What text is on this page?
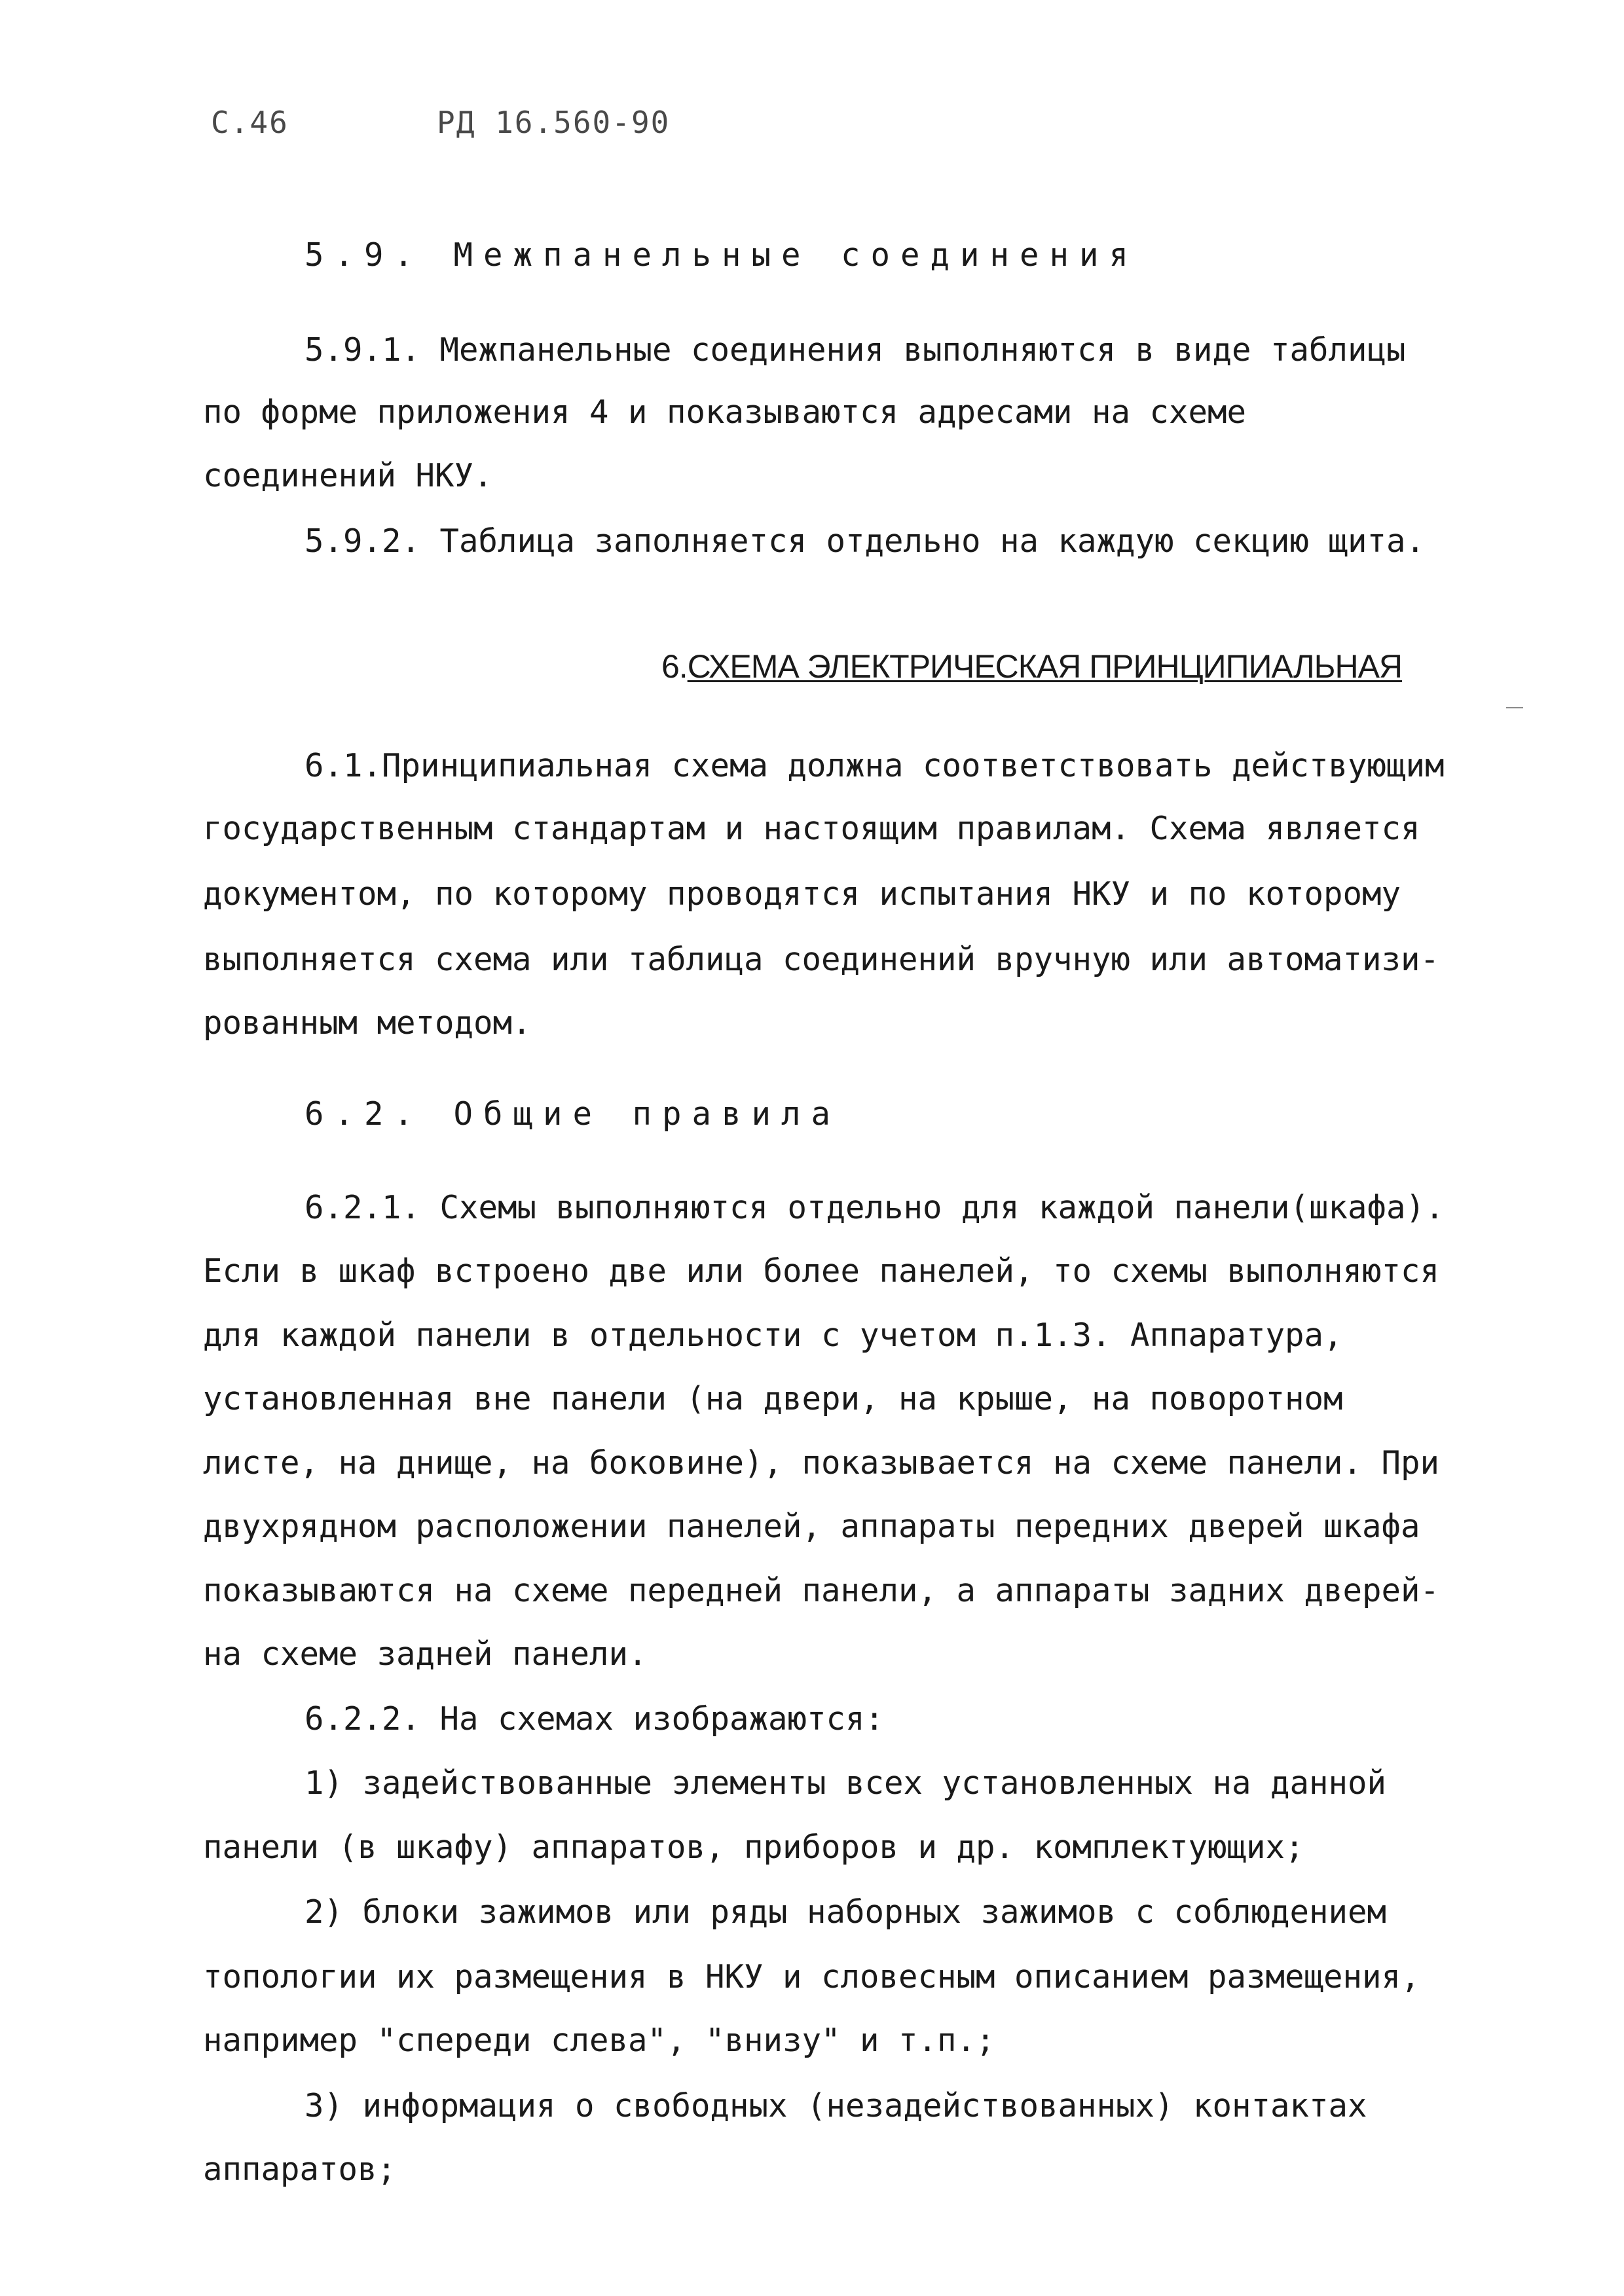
С.46	РД 16.560-90
5.9. Межпанельные соединения
5.9.1. Межпанельные соединения выполняются в виде таблицы
по форме приложения 4 и показываются адресами на схеме
соединений НКУ.
5.9.2. Таблица заполняется отдельно на каждую секцию щита.
6.СХЕМА ЭЛЕКТРИЧЕСКАЯ ПРИНЦИПИАЛЬНАЯ
6.1.Принципиальная схема должна соответствовать действующим
государственным стандартам и настоящим правилам. Схема является
документом, по которому проводятся испытания НКУ и по которому
выполняется схема или таблица соединений вручную или автоматизи-
рованным методом.
6.2. Общие правила
6.2.1. Схемы выполняются отдельно для каждой панели(шкафа).
Если в шкаф встроено две или более панелей, то схемы выполняются
для каждой панели в отдельности с учетом п.1.3. Аппаратура,
установленная вне панели (на двери, на крыше, на поворотном
листе, на днище, на боковине), показывается на схеме панели. При
двухрядном расположении панелей, аппараты передних дверей шкафа
показываются на схеме передней панели, а аппараты задних дверей-
на схеме задней панели.
6.2.2. На схемах изображаются:
1) задействованные элементы всех установленных на данной
панели (в шкафу) аппаратов, приборов и др. комплектующих;
2) блоки зажимов или ряды наборных зажимов с соблюдением
топологии их размещения в НКУ и словесным описанием размещения,
например "спереди слева", "внизу" и т.п.;
3) информация о свободных (незадействованных) контактах
аппаратов;
